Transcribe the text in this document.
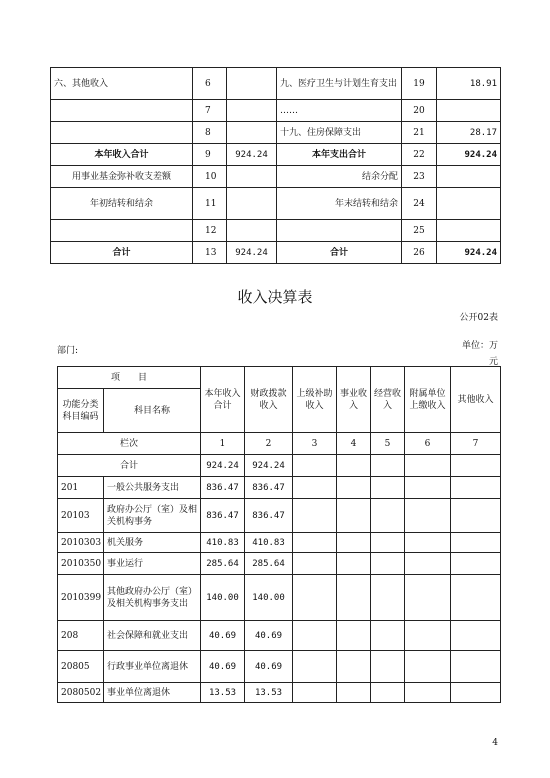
六、其他收入	6		九、医疗卫生与计划生育支出	19	18.91
	7		……	20	
	8		十九、住房保障支出	21	28.17
本年收入合计	9	924.24	本年支出合计	22	924.24
用事业基金弥补收支差额	10		结余分配	23	
年初结转和结余	11		年末结转和结余	24	
	12			25	
合计	13	924.24	合计	26	924.24
收入决算表
公开02表
单位：万元
部门:
项　　目		本年收入合计	财政拨款收入	上级补助收入	事业收入	经营收入	附属单位上缴收入	其他收入
功能分类科目编码	科目名称							
栏次		1	2	3	4	5	6	7
合计		924.24	924.24					
201	一般公共服务支出	836.47	836.47					
20103	政府办公厅（室）及相关机构事务	836.47	836.47					
2010303	机关服务	410.83	410.83					
2010350	事业运行	285.64	285.64					
2010399	其他政府办公厅（室）及相关机构事务支出	140.00	140.00					
208	社会保障和就业支出	40.69	40.69					
20805	行政事业单位离退休	40.69	40.69					
2080502	事业单位离退休	13.53	13.53					
4
